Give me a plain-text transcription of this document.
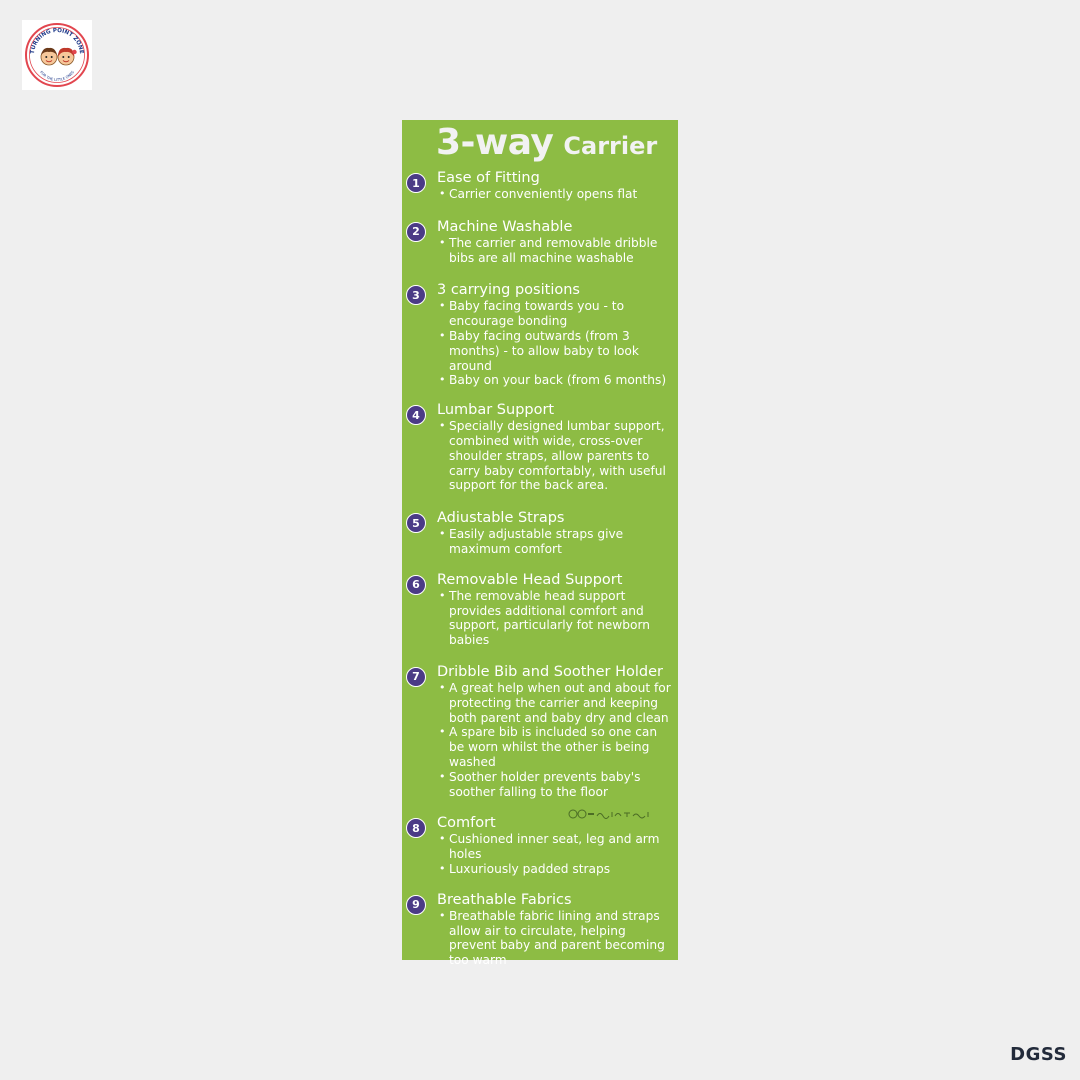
TURNING POINT ZONE
FOR THE LITTLE ONES
3-way Carrier
1	Ease of Fitting
• Carrier conveniently opens flat
2	Machine Washable
• The carrier and removable dribble bibs are all machine washable
3	3 carrying positions
• Baby facing towards you - to encourage bonding
• Baby facing outwards (from 3 months) - to allow baby to look around
• Baby on your back (from 6 months)
4	Lumbar Support
• Specially designed lumbar support, combined with wide, cross-over shoulder straps, allow parents to carry baby comfortably, with useful support for the back area.
5	Adiustable Straps
• Easily adjustable straps give maximum comfort
6	Removable Head Support
• The removable head support provides additional comfort and support, particularly fot newborn babies
7	Dribble Bib and Soother Holder
• A great help when out and about for protecting the carrier and keeping both parent and baby dry and clean
• A spare bib is included so one can be worn whilst the other is being washed
• Soother holder prevents baby's soother falling to the floor
8	Comfort
• Cushioned inner seat, leg and arm holes
• Luxuriously padded straps
9	Breathable Fabrics
• Breathable fabric lining and straps allow air to circulate, helping prevent baby and parent becoming too warm
DGSS
